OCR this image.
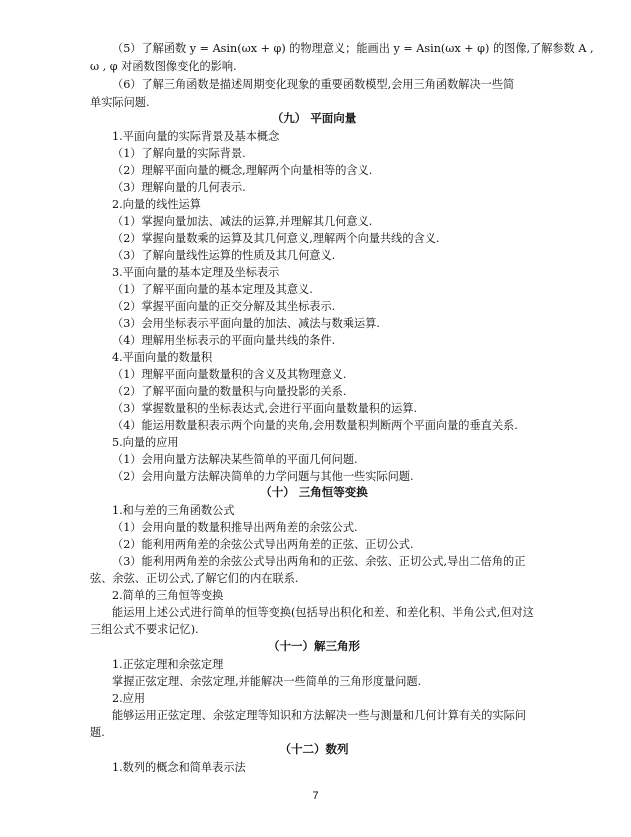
（5）了解函数 y = Asin(ωx + φ) 的物理意义；能画出 y = Asin(ωx + φ) 的图像,了解参数 A ,
ω , φ 对函数图像变化的影响.
（6）了解三角函数是描述周期变化现象的重要函数模型,会用三角函数解决一些简
单实际问题.
（九） 平面向量
1.平面向量的实际背景及基本概念
（1）了解向量的实际背景.
（2）理解平面向量的概念,理解两个向量相等的含义.
（3）理解向量的几何表示.
2.向量的线性运算
（1）掌握向量加法、减法的运算,并理解其几何意义.
（2）掌握向量数乘的运算及其几何意义,理解两个向量共线的含义.
（3）了解向量线性运算的性质及其几何意义.
3.平面向量的基本定理及坐标表示
（1）了解平面向量的基本定理及其意义.
（2）掌握平面向量的正交分解及其坐标表示.
（3）会用坐标表示平面向量的加法、减法与数乘运算.
（4）理解用坐标表示的平面向量共线的条件.
4.平面向量的数量积
（1）理解平面向量数量积的含义及其物理意义.
（2）了解平面向量的数量积与向量投影的关系.
（3）掌握数量积的坐标表达式,会进行平面向量数量积的运算.
（4）能运用数量积表示两个向量的夹角,会用数量积判断两个平面向量的垂直关系.
5.向量的应用
（1）会用向量方法解决某些简单的平面几何问题.
（2）会用向量方法解决简单的力学问题与其他一些实际问题.
（十） 三角恒等变换
1.和与差的三角函数公式
（1）会用向量的数量积推导出两角差的余弦公式.
（2）能利用两角差的余弦公式导出两角差的正弦、正切公式.
（3）能利用两角差的余弦公式导出两角和的正弦、余弦、正切公式,导出二倍角的正
弦、余弦、正切公式,了解它们的内在联系.
2.简单的三角恒等变换
能运用上述公式进行简单的恒等变换(包括导出积化和差、和差化积、半角公式,但对这
三组公式不要求记忆).
（十一）解三角形
1.正弦定理和余弦定理
掌握正弦定理、余弦定理,并能解决一些简单的三角形度量问题.
2.应用
能够运用正弦定理、余弦定理等知识和方法解决一些与测量和几何计算有关的实际问
题.
（十二）数列
1.数列的概念和简单表示法
7
